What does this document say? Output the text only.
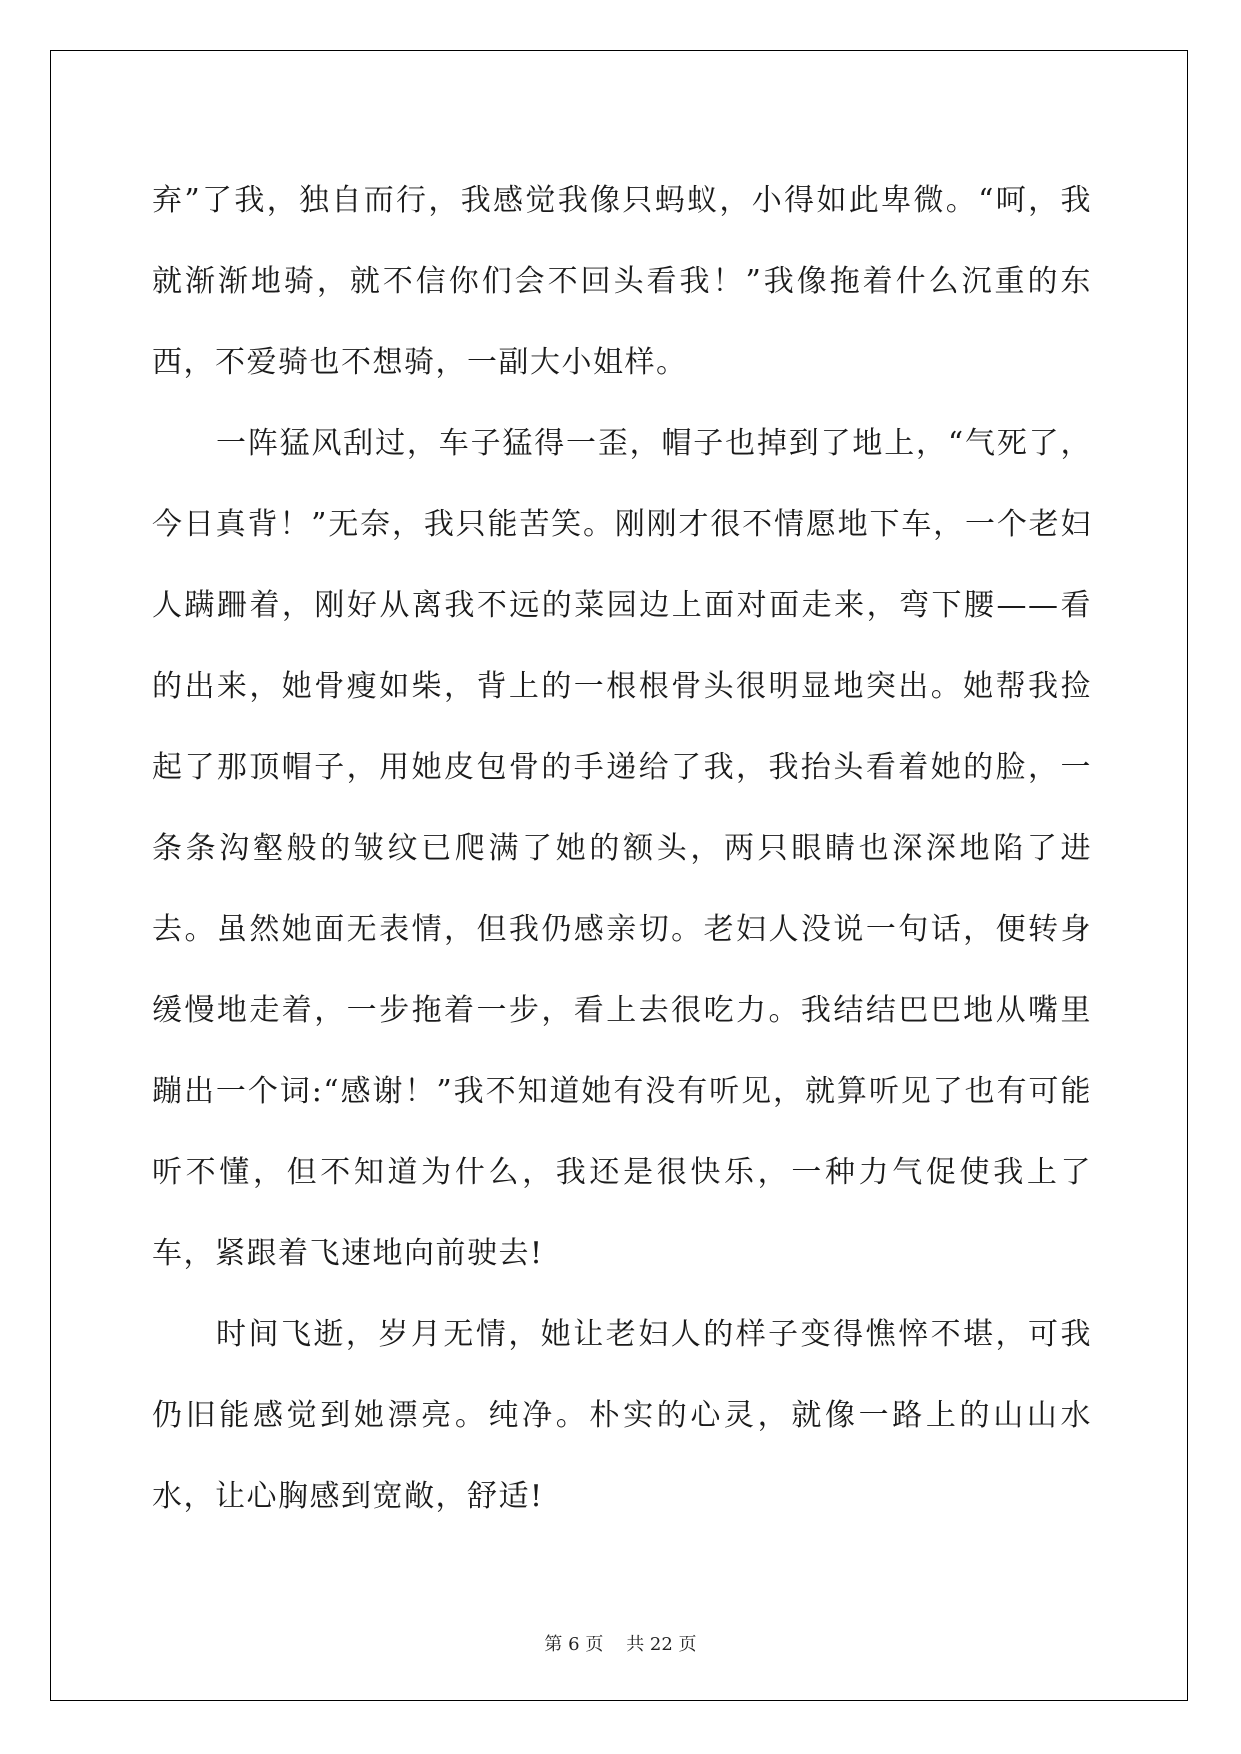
弃”了我，独自而行，我感觉我像只蚂蚁，小得如此卑微。“呵，我就渐渐地骑，就不信你们会不回头看我！”我像拖着什么沉重的东西，不爱骑也不想骑，一副大小姐样。

一阵猛风刮过，车子猛得一歪，帽子也掉到了地上，“气死了，今日真背！”无奈，我只能苦笑。刚刚才很不情愿地下车，一个老妇人蹒跚着，刚好从离我不远的菜园边上面对面走来，弯下腰——看的出来，她骨瘦如柴，背上的一根根骨头很明显地突出。她帮我捡起了那顶帽子，用她皮包骨的手递给了我，我抬头看着她的脸，一条条沟壑般的皱纹已爬满了她的额头，两只眼睛也深深地陷了进去。虽然她面无表情，但我仍感亲切。老妇人没说一句话，便转身缓慢地走着，一步拖着一步，看上去很吃力。我结结巴巴地从嘴里蹦出一个词:“感谢！”我不知道她有没有听见，就算听见了也有可能听不懂，但不知道为什么，我还是很快乐，一种力气促使我上了车，紧跟着飞速地向前驶去!

时间飞逝，岁月无情，她让老妇人的样子变得憔悴不堪，可我仍旧能感觉到她漂亮。纯净。朴实的心灵，就像一路上的山山水水，让心胸感到宽敞，舒适!

第 6 页    共 22 页
